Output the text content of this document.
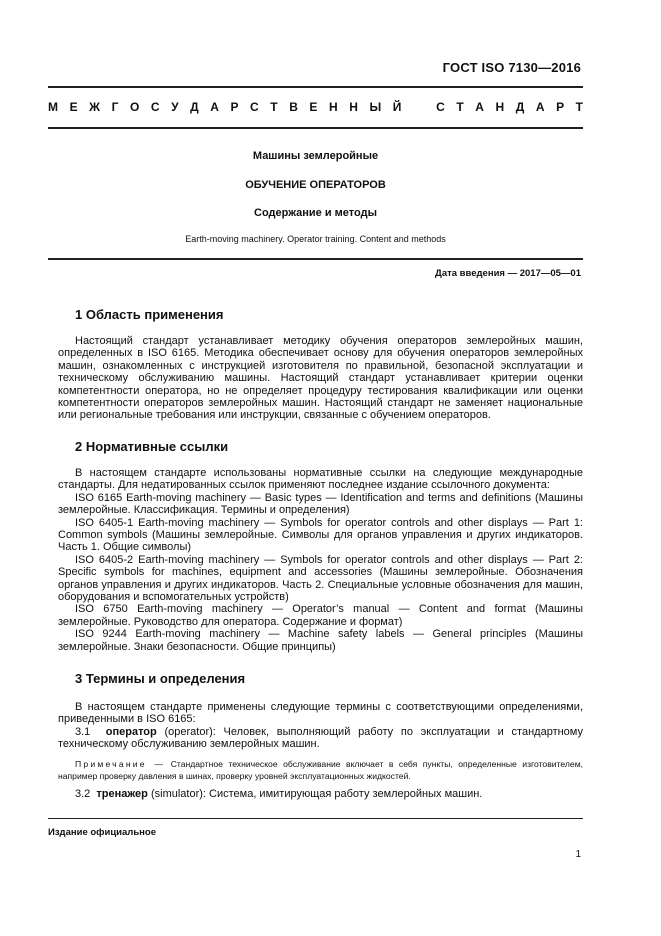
ГОСТ ISO 7130—2016
М Е Ж Г О С У Д А Р С Т В Е Н Н Ы Й	С Т А Н Д А Р Т
Машины землеройные
ОБУЧЕНИЕ ОПЕРАТОРОВ
Содержание и методы
Earth-moving machinery. Operator training. Content and methods
Дата введения — 2017—05—01
1 Область применения
Настоящий стандарт устанавливает методику обучения операторов землеройных машин, определенных в ISO 6165. Методика обеспечивает основу для обучения операторов землеройных машин, ознакомленных с инструкцией изготовителя по правильной, безопасной эксплуатации и техническому обслуживанию машины. Настоящий стандарт устанавливает критерии оценки компетентности оператора, но не определяет процедуру тестирования квалификации или оценки компетентности операторов землеройных машин. Настоящий стандарт не заменяет национальные или региональные требования или инструкции, связанные с обучением операторов.
2 Нормативные ссылки
В настоящем стандарте использованы нормативные ссылки на следующие международные стандарты. Для недатированных ссылок применяют последнее издание ссылочного документа:
ISO 6165 Earth-moving machinery — Basic types — Identification and terms and definitions (Машины землеройные. Классификация. Термины и определения)
ISO 6405-1 Earth-moving machinery — Symbols for operator controls and other displays — Part 1: Common symbols (Машины землеройные. Символы для органов управления и других индикаторов. Часть 1. Общие символы)
ISO 6405-2 Earth-moving machinery — Symbols for operator controls and other displays — Part 2: Specific symbols for machines, equipment and accessories (Машины землеройные. Обозначения органов управления и других индикаторов. Часть 2. Специальные условные обозначения для машин, оборудования и вспомогательных устройств)
ISO 6750 Earth-moving machinery — Operator’s manual — Content and format (Машины землеройные. Руководство для оператора. Содержание и формат)
ISO 9244 Earth-moving machinery — Machine safety labels — General principles (Машины землеройные. Знаки безопасности. Общие принципы)
3 Термины и определения
В настоящем стандарте применены следующие термины с соответствующими определениями, приведенными в ISO 6165:
3.1 оператор (operator): Человек, выполняющий работу по эксплуатации и стандартному техническому обслуживанию землеройных машин.
Примечание — Стандартное техническое обслуживание включает в себя пункты, определенные изготовителем, например проверку давления в шинах, проверку уровней эксплуатационных жидкостей.
3.2 тренажер (simulator): Система, имитирующая работу землеройных машин.
Издание официальное
1
